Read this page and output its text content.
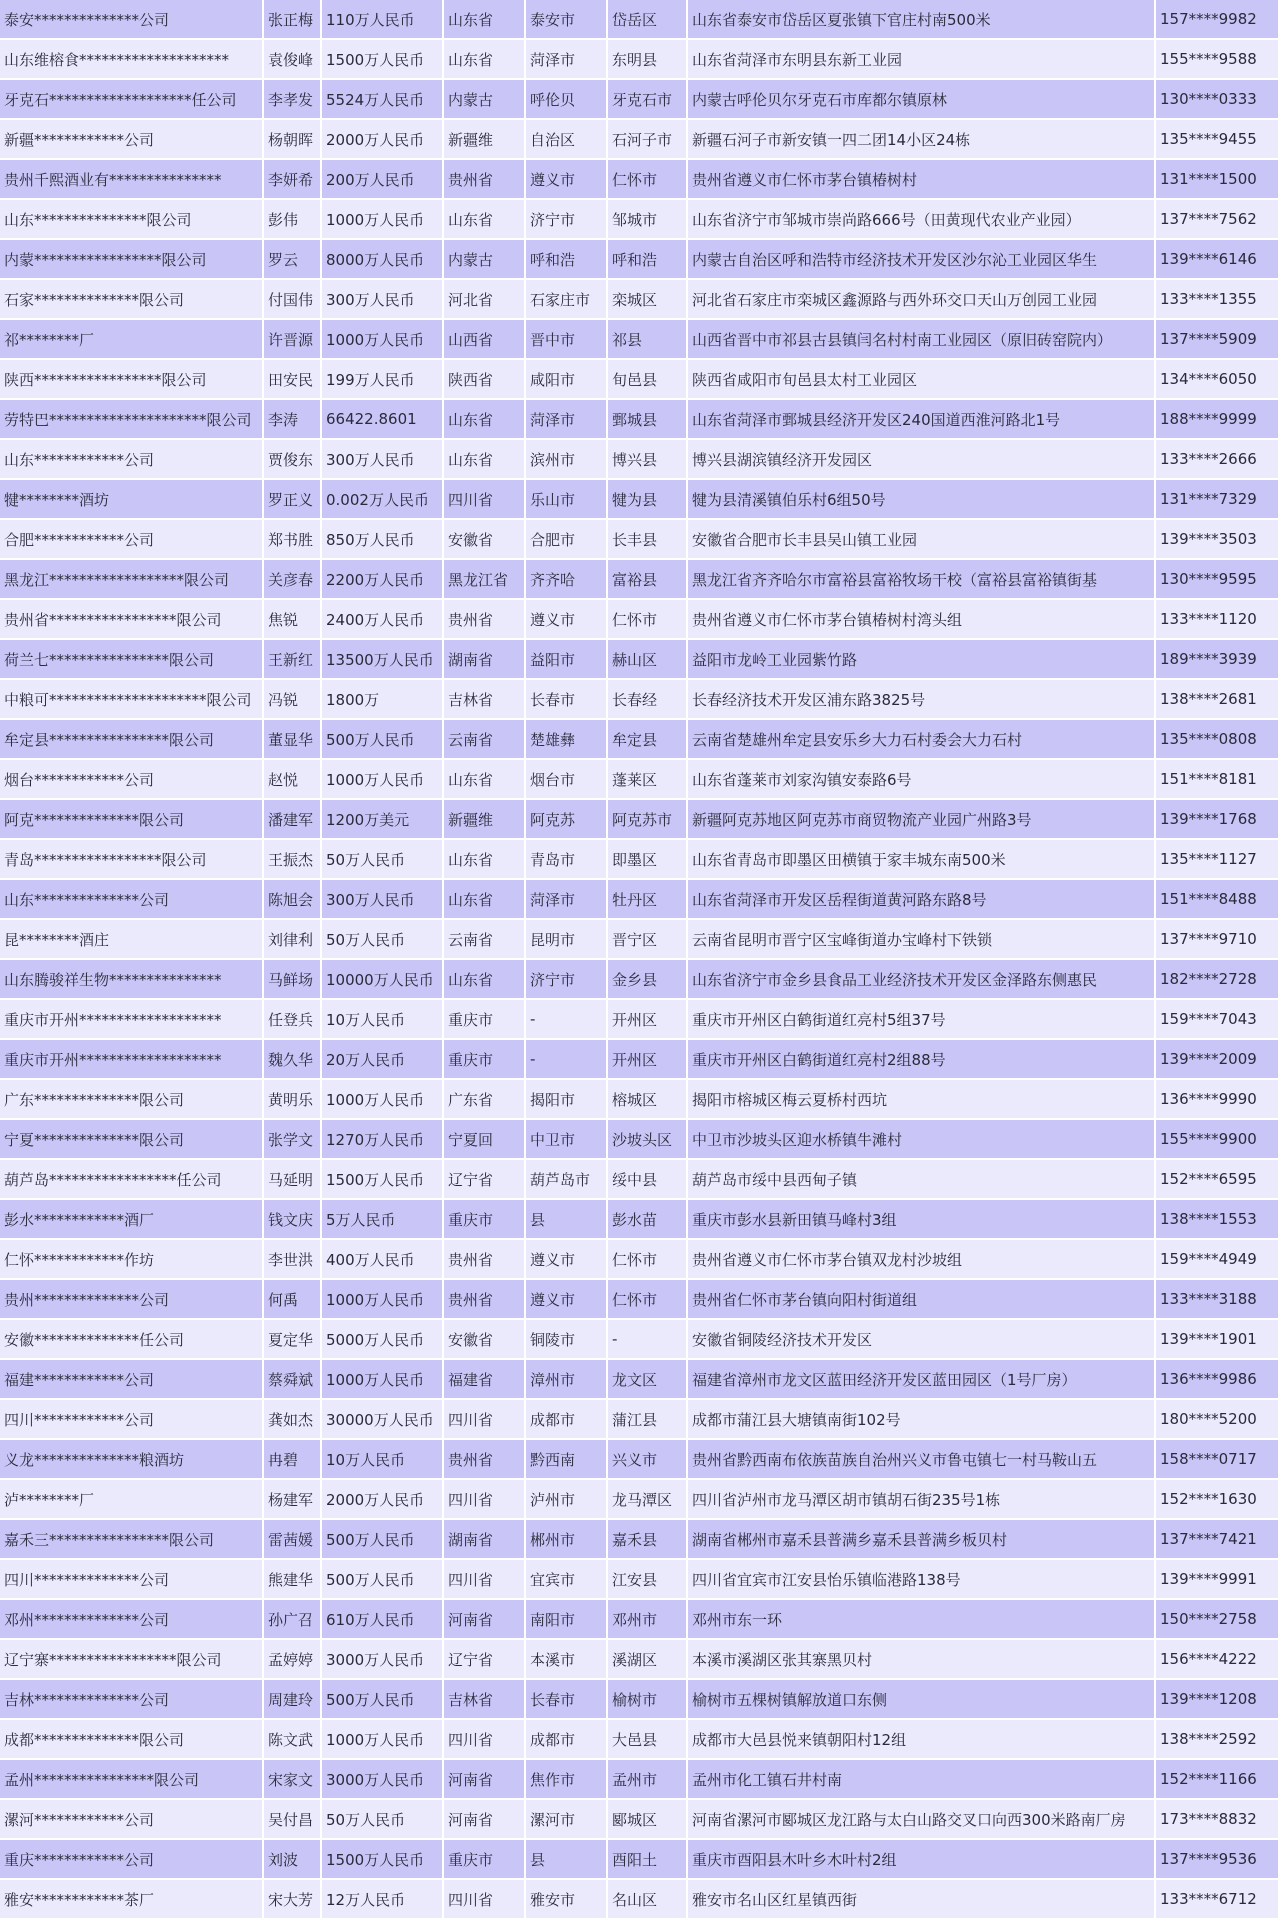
泰安**************公司	张正梅	110万人民币	山东省	泰安市	岱岳区	山东省泰安市岱岳区夏张镇下官庄村南500米	157****9982
山东维榕食********************	袁俊峰	1500万人民币	山东省	菏泽市	东明县	山东省菏泽市东明县东新工业园	155****9588
牙克石*******************任公司	李孝发	5524万人民币	内蒙古	呼伦贝	牙克石市	内蒙古呼伦贝尔牙克石市库都尔镇原林	130****0333
新疆************公司	杨朝晖	2000万人民币	新疆维	自治区	石河子市	新疆石河子市新安镇一四二团14小区24栋	135****9455
贵州千熙酒业有***************	李妍希	200万人民币	贵州省	遵义市	仁怀市	贵州省遵义市仁怀市茅台镇椿树村	131****1500
山东***************限公司	彭伟	1000万人民币	山东省	济宁市	邹城市	山东省济宁市邹城市崇尚路666号（田黄现代农业产业园）	137****7562
内蒙*****************限公司	罗云	8000万人民币	内蒙古	呼和浩	呼和浩	内蒙古自治区呼和浩特市经济技术开发区沙尔沁工业园区华生	139****6146
石家**************限公司	付国伟	300万人民币	河北省	石家庄市	栾城区	河北省石家庄市栾城区鑫源路与西外环交口天山万创园工业园	133****1355
祁********厂	许晋源	1000万人民币	山西省	晋中市	祁县	山西省晋中市祁县古县镇闫名村村南工业园区（原旧砖窑院内）	137****5909
陕西*****************限公司	田安民	199万人民币	陕西省	咸阳市	旬邑县	陕西省咸阳市旬邑县太村工业园区	134****6050
劳特巴*********************限公司	李涛	66422.8601	山东省	菏泽市	鄄城县	山东省菏泽市鄄城县经济开发区240国道西淮河路北1号	188****9999
山东************公司	贾俊东	300万人民币	山东省	滨州市	博兴县	博兴县湖滨镇经济开发园区	133****2666
犍********酒坊	罗正义	0.002万人民币	四川省	乐山市	犍为县	犍为县清溪镇伯乐村6组50号	131****7329
合肥************公司	郑书胜	850万人民币	安徽省	合肥市	长丰县	安徽省合肥市长丰县吴山镇工业园	139****3503
黑龙江******************限公司	关彦春	2200万人民币	黑龙江省	齐齐哈	富裕县	黑龙江省齐齐哈尔市富裕县富裕牧场干校（富裕县富裕镇街基	130****9595
贵州省*****************限公司	焦锐	2400万人民币	贵州省	遵义市	仁怀市	贵州省遵义市仁怀市茅台镇椿树村湾头组	133****1120
荷兰七****************限公司	王新红	13500万人民币	湖南省	益阳市	赫山区	益阳市龙岭工业园紫竹路	189****3939
中粮可*********************限公司	冯锐	1800万	吉林省	长春市	长春经	长春经济技术开发区浦东路3825号	138****2681
牟定县****************限公司	董显华	500万人民币	云南省	楚雄彝	牟定县	云南省楚雄州牟定县安乐乡大力石村委会大力石村	135****0808
烟台************公司	赵悦	1000万人民币	山东省	烟台市	蓬莱区	山东省蓬莱市刘家沟镇安泰路6号	151****8181
阿克**************限公司	潘建军	1200万美元	新疆维	阿克苏	阿克苏市	新疆阿克苏地区阿克苏市商贸物流产业园广州路3号	139****1768
青岛*****************限公司	王振杰	50万人民币	山东省	青岛市	即墨区	山东省青岛市即墨区田横镇于家丰城东南500米	135****1127
山东**************公司	陈旭会	300万人民币	山东省	菏泽市	牡丹区	山东省菏泽市开发区岳程街道黄河路东路8号	151****8488
昆********酒庄	刘律利	50万人民币	云南省	昆明市	晋宁区	云南省昆明市晋宁区宝峰街道办宝峰村下铁锁	137****9710
山东腾骏祥生物***************	马鲜场	10000万人民币	山东省	济宁市	金乡县	山东省济宁市金乡县食品工业经济技术开发区金泽路东侧惠民	182****2728
重庆市开州*******************	任登兵	10万人民币	重庆市	-	开州区	重庆市开州区白鹤街道红亮村5组37号	159****7043
重庆市开州*******************	魏久华	20万人民币	重庆市	-	开州区	重庆市开州区白鹤街道红亮村2组88号	139****2009
广东**************限公司	黄明乐	1000万人民币	广东省	揭阳市	榕城区	揭阳市榕城区梅云夏桥村西坑	136****9990
宁夏**************限公司	张学文	1270万人民币	宁夏回	中卫市	沙坡头区	中卫市沙坡头区迎水桥镇牛滩村	155****9900
葫芦岛*****************任公司	马延明	1500万人民币	辽宁省	葫芦岛市	绥中县	葫芦岛市绥中县西甸子镇	152****6595
彭水************酒厂	钱文庆	5万人民币	重庆市	县	彭水苗	重庆市彭水县新田镇马峰村3组	138****1553
仁怀************作坊	李世洪	400万人民币	贵州省	遵义市	仁怀市	贵州省遵义市仁怀市茅台镇双龙村沙坡组	159****4949
贵州**************公司	何禹	1000万人民币	贵州省	遵义市	仁怀市	贵州省仁怀市茅台镇向阳村街道组	133****3188
安徽**************任公司	夏定华	5000万人民币	安徽省	铜陵市	-	安徽省铜陵经济技术开发区	139****1901
福建************公司	蔡舜斌	1000万人民币	福建省	漳州市	龙文区	福建省漳州市龙文区蓝田经济开发区蓝田园区（1号厂房）	136****9986
四川************公司	龚如杰	30000万人民币	四川省	成都市	蒲江县	成都市蒲江县大塘镇南街102号	180****5200
义龙**************粮酒坊	冉碧	10万人民币	贵州省	黔西南	兴义市	贵州省黔西南布依族苗族自治州兴义市鲁屯镇七一村马鞍山五	158****0717
泸********厂	杨建军	2000万人民币	四川省	泸州市	龙马潭区	四川省泸州市龙马潭区胡市镇胡石街235号1栋	152****1630
嘉禾三****************限公司	雷茜媛	500万人民币	湖南省	郴州市	嘉禾县	湖南省郴州市嘉禾县普满乡嘉禾县普满乡板贝村	137****7421
四川**************公司	熊建华	500万人民币	四川省	宜宾市	江安县	四川省宜宾市江安县怡乐镇临港路138号	139****9991
邓州**************公司	孙广召	610万人民币	河南省	南阳市	邓州市	邓州市东一环	150****2758
辽宁寨*****************限公司	孟婷婷	3000万人民币	辽宁省	本溪市	溪湖区	本溪市溪湖区张其寨黑贝村	156****4222
吉林**************公司	周建玲	500万人民币	吉林省	长春市	榆树市	榆树市五棵树镇解放道口东侧	139****1208
成都**************限公司	陈文武	1000万人民币	四川省	成都市	大邑县	成都市大邑县悦来镇朝阳村12组	138****2592
孟州****************限公司	宋家文	3000万人民币	河南省	焦作市	孟州市	孟州市化工镇石井村南	152****1166
漯河************公司	吴付昌	50万人民币	河南省	漯河市	郾城区	河南省漯河市郾城区龙江路与太白山路交叉口向西300米路南厂房	173****8832
重庆************公司	刘波	1500万人民币	重庆市	县	酉阳土	重庆市酉阳县木叶乡木叶村2组	137****9536
雅安************茶厂	宋大芳	12万人民币	四川省	雅安市	名山区	雅安市名山区红星镇西街	133****6712
